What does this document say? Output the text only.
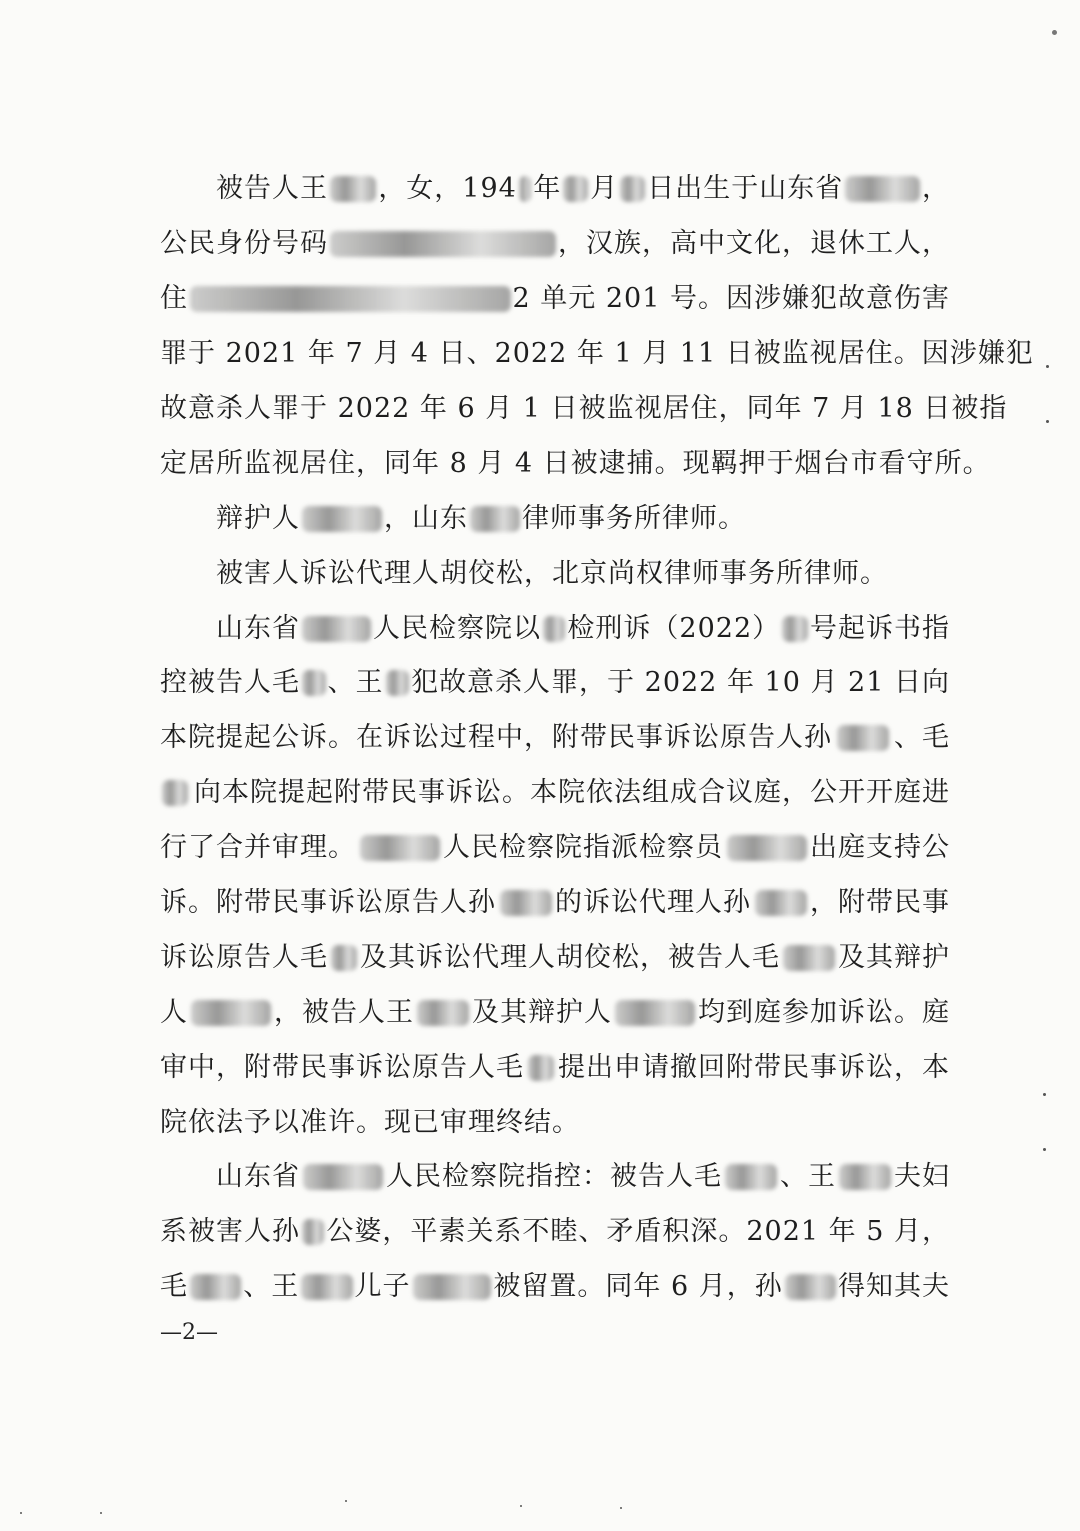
被告人王 ，女，194 年 月 日出生于山东省	，
公民身份号码	，汉族，高中文化，退休工人，
住	2 单元 201 号。因涉嫌犯故意伤害
罪于 2021 年 7 月 4 日、2022 年 1 月 11 日被监视居住。因涉嫌犯
故意杀人罪于 2022 年 6 月 1 日被监视居住，同年 7 月 18 日被指
定居所监视居住，同年 8 月 4 日被逮捕。现羁押于烟台市看守所。
辩护人	，山东 律师事务所律师。
被害人诉讼代理人胡佼松，北京尚权律师事务所律师。
山东省	人民检察院以 检刑诉（2022） 号起诉书指
控被告人毛 、王 犯故意杀人罪，于 2022 年 10 月 21 日向
本院提起公诉。在诉讼过程中，附带民事诉讼原告人孙 、毛
向本院提起附带民事诉讼。本院依法组成合议庭，公开开庭进
行了合并审理。	人民检察院指派检察员	出庭支持公
诉。附带民事诉讼原告人孙 的诉讼代理人孙 ，附带民事
诉讼原告人毛 及其诉讼代理人胡佼松，被告人毛 及其辩护
人	，被告人王 及其辩护人	均到庭参加诉讼。庭
审中，附带民事诉讼原告人毛 提出申请撤回附带民事诉讼，本
院依法予以准许。现已审理终结。
山东省	人民检察院指控：被告人毛 、王 夫妇
系被害人孙 公婆，平素关系不睦、矛盾积深。2021 年 5 月，
毛 、王 儿子	被留置。同年 6 月，孙 得知其夫
—2—
